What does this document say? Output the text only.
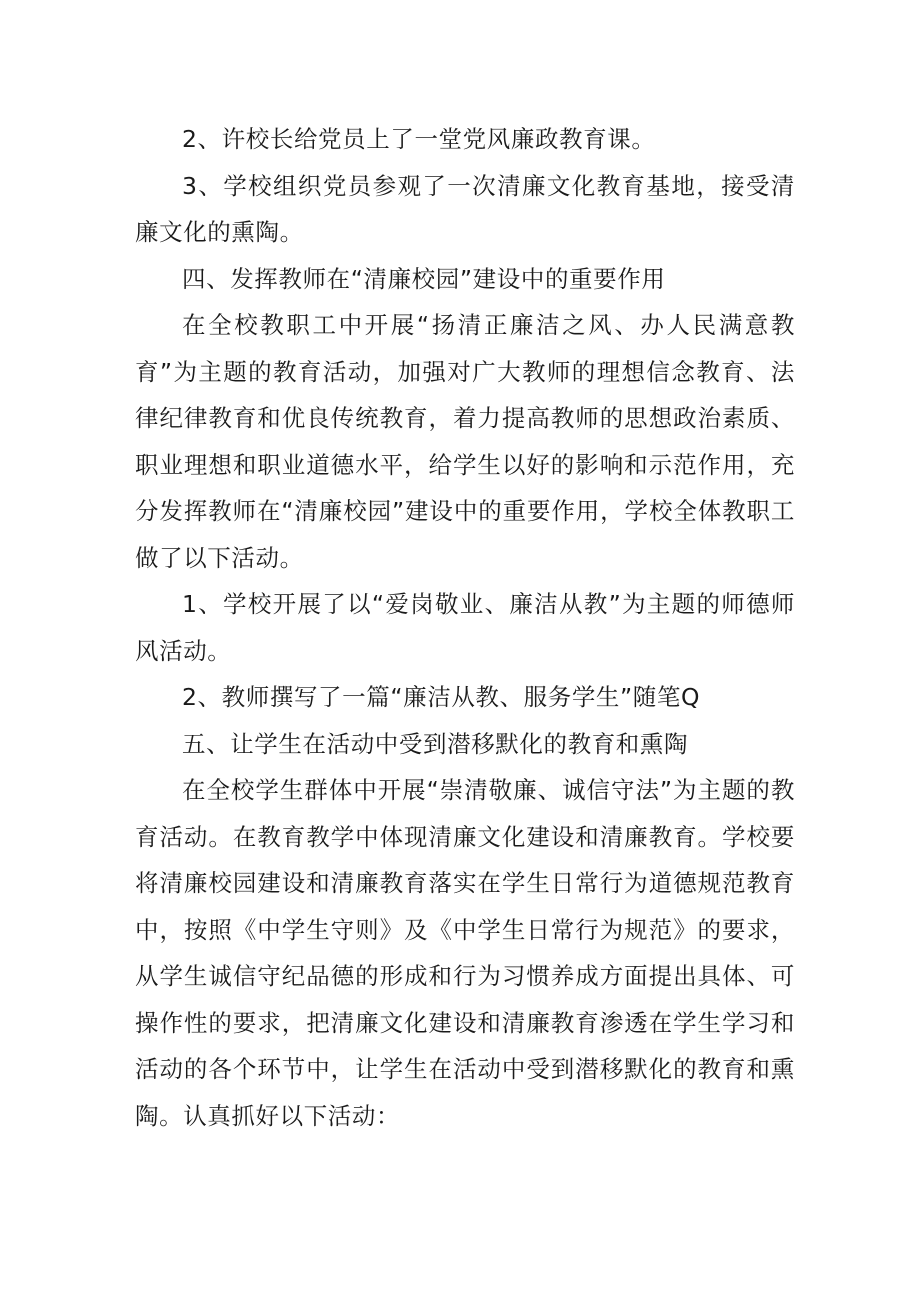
2、许校长给党员上了一堂党风廉政教育课。

3、学校组织党员参观了一次清廉文化教育基地，接受清廉文化的熏陶。

四、发挥教师在“清廉校园”建设中的重要作用

在全校教职工中开展“扬清正廉洁之风、办人民满意教育”为主题的教育活动，加强对广大教师的理想信念教育、法律纪律教育和优良传统教育，着力提高教师的思想政治素质、职业理想和职业道德水平，给学生以好的影响和示范作用，充分发挥教师在“清廉校园”建设中的重要作用，学校全体教职工做了以下活动。

1、学校开展了以“爱岗敬业、廉洁从教”为主题的师德师风活动。

2、教师撰写了一篇“廉洁从教、服务学生”随笔Q

五、让学生在活动中受到潜移默化的教育和熏陶

在全校学生群体中开展“崇清敬廉、诚信守法”为主题的教育活动。在教育教学中体现清廉文化建设和清廉教育。学校要将清廉校园建设和清廉教育落实在学生日常行为道德规范教育中，按照《中学生守则》及《中学生日常行为规范》的要求，从学生诚信守纪品德的形成和行为习惯养成方面提出具体、可操作性的要求，把清廉文化建设和清廉教育渗透在学生学习和活动的各个环节中，让学生在活动中受到潜移默化的教育和熏陶。认真抓好以下活动：
